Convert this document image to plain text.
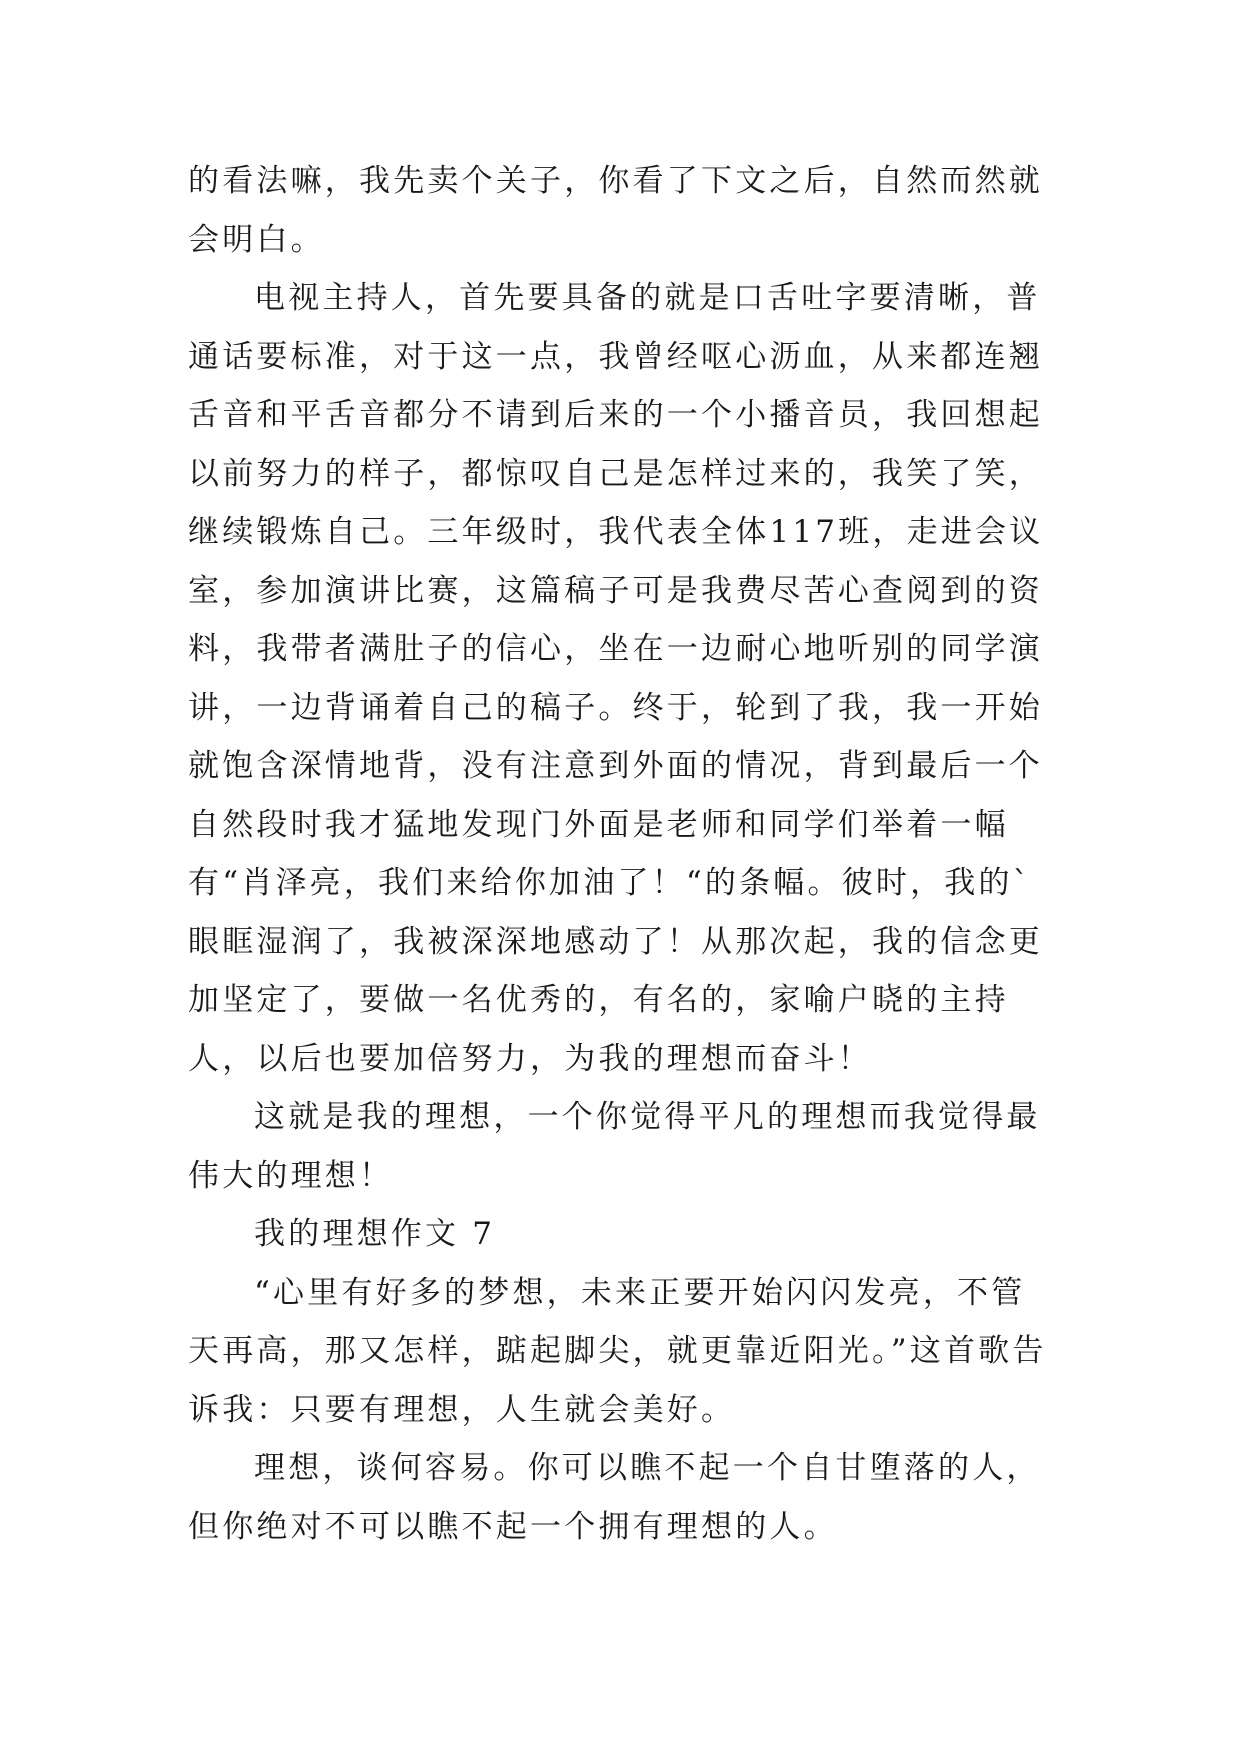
的看法嘛，我先卖个关子，你看了下文之后，自然而然就会明白。

电视主持人，首先要具备的就是口舌吐字要清晰，普通话要标准，对于这一点，我曾经呕心沥血，从来都连翘舌音和平舌音都分不请到后来的一个小播音员，我回想起以前努力的样子，都惊叹自己是怎样过来的，我笑了笑，继续锻炼自己。三年级时，我代表全体117班，走进会议室，参加演讲比赛，这篇稿子可是我费尽苦心查阅到的资料，我带者满肚子的信心，坐在一边耐心地听别的同学演讲，一边背诵着自己的稿子。终于，轮到了我，我一开始就饱含深情地背，没有注意到外面的情况，背到最后一个自然段时我才猛地发现门外面是老师和同学们举着一幅有“肖泽亮，我们来给你加油了！“的条幅。彼时，我的`眼眶湿润了，我被深深地感动了！从那次起，我的信念更加坚定了，要做一名优秀的，有名的，家喻户晓的主持人，以后也要加倍努力，为我的理想而奋斗！

这就是我的理想，一个你觉得平凡的理想而我觉得最伟大的理想！

我的理想作文 7

“心里有好多的梦想，未来正要开始闪闪发亮，不管天再高，那又怎样，踮起脚尖，就更靠近阳光。”这首歌告诉我：只要有理想，人生就会美好。

理想，谈何容易。你可以瞧不起一个自甘堕落的人，但你绝对不可以瞧不起一个拥有理想的人。
